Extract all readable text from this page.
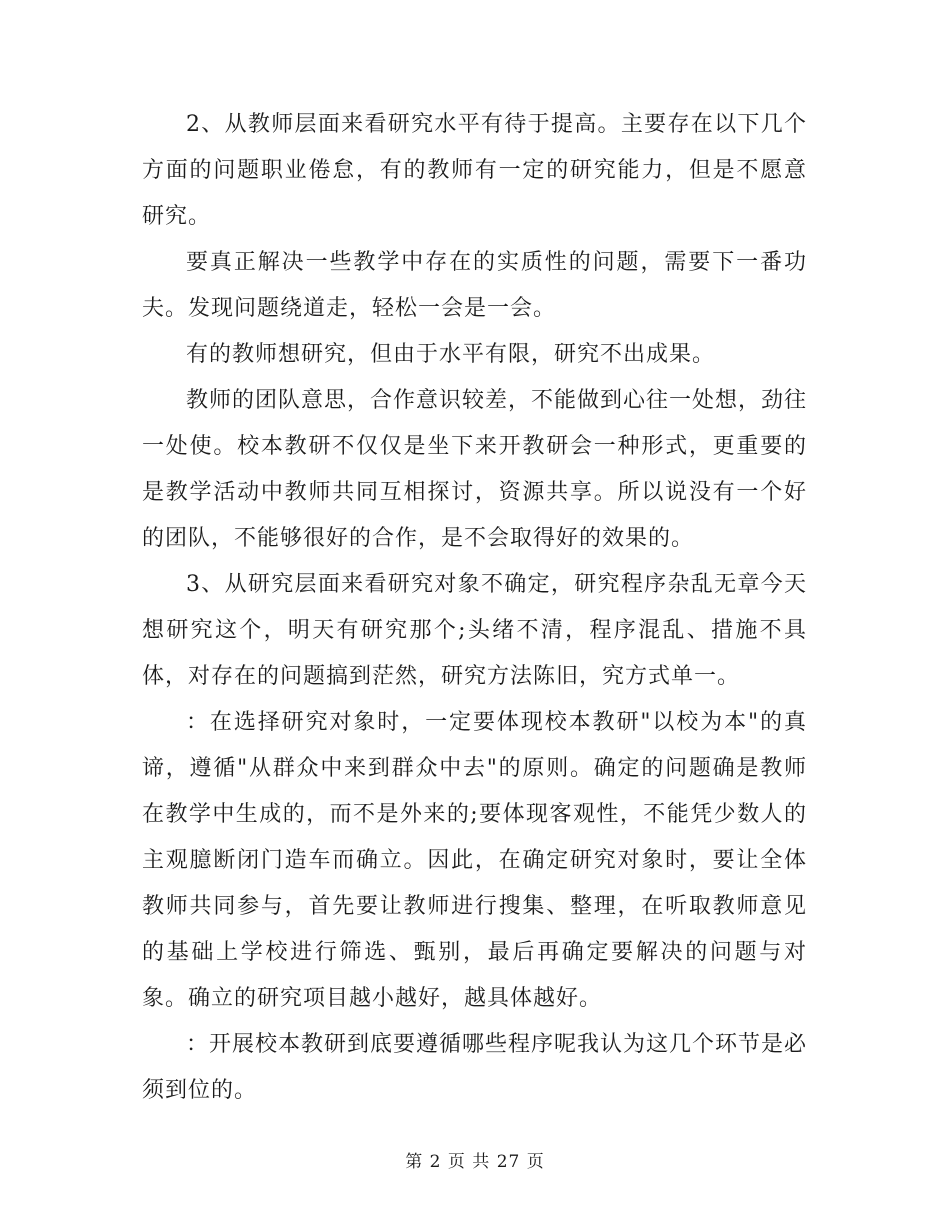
2、从教师层面来看研究水平有待于提高。主要存在以下几个方面的问题职业倦怠，有的教师有一定的研究能力，但是不愿意研究。

要真正解决一些教学中存在的实质性的问题，需要下一番功夫。发现问题绕道走，轻松一会是一会。

有的教师想研究，但由于水平有限，研究不出成果。

教师的团队意思，合作意识较差，不能做到心往一处想，劲往一处使。校本教研不仅仅是坐下来开教研会一种形式，更重要的是教学活动中教师共同互相探讨，资源共享。所以说没有一个好的团队，不能够很好的合作，是不会取得好的效果的。

3、从研究层面来看研究对象不确定，研究程序杂乱无章今天想研究这个，明天有研究那个;头绪不清，程序混乱、措施不具体，对存在的问题搞到茫然，研究方法陈旧，究方式单一。

：在选择研究对象时，一定要体现校本教研"以校为本"的真谛，遵循"从群众中来到群众中去"的原则。确定的问题确是教师在教学中生成的，而不是外来的;要体现客观性，不能凭少数人的主观臆断闭门造车而确立。因此，在确定研究对象时，要让全体教师共同参与，首先要让教师进行搜集、整理，在听取教师意见的基础上学校进行筛选、甄别，最后再确定要解决的问题与对象。确立的研究项目越小越好，越具体越好。

：开展校本教研到底要遵循哪些程序呢我认为这几个环节是必须到位的。

第 2 页 共 27 页
